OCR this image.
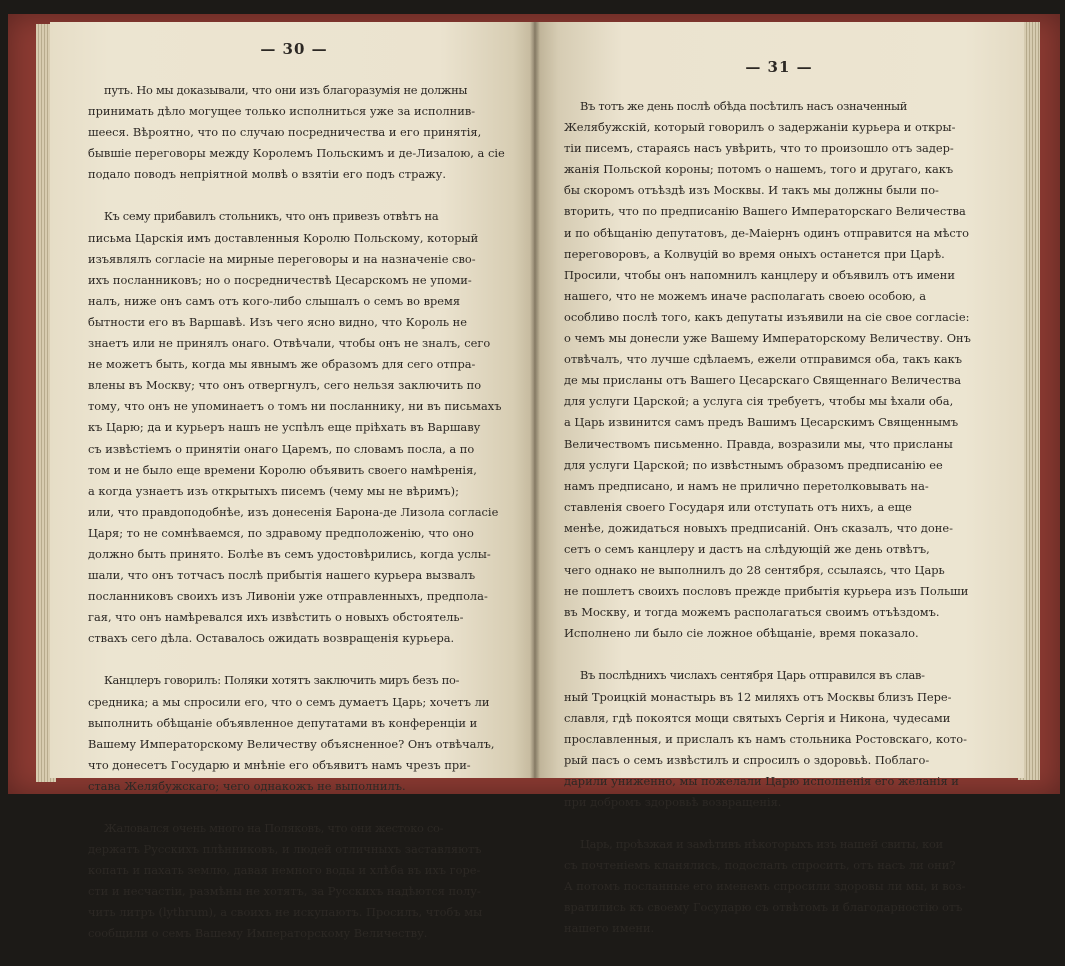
— 30 —
путь. Но мы доказывали, что они изъ благоразумія не должны
принимать дѣло могущее только исполниться уже за исполнив-
шееся. Вѣроятно, что по случаю посредничества и его принятія,
бывшіе переговоры между Королемъ Польскимъ и де-Лизалою, а сіе
подало поводъ непріятной молвѣ о взятіи его подъ стражу.
Къ сему прибавилъ стольникъ, что онъ привезъ отвѣтъ на
письма Царскія имъ доставленныя Королю Польскому, который
изъявлялъ согласіе на мирные переговоры и на назначеніе сво-
ихъ посланниковъ; но о посредничествѣ Цесарскомъ не упоми-
налъ, ниже онъ самъ отъ кого-либо слышалъ о семъ во время
бытности его въ Варшавѣ. Изъ чего ясно видно, что Король не
знаетъ или не принялъ онаго. Отвѣчали, чтобы онъ не зналъ, сего
не можетъ быть, когда мы явнымъ же образомъ для сего отпра-
влены въ Москву; что онъ отвергнулъ, сего нельзя заключить по
тому, что онъ не упоминаетъ о томъ ни посланнику, ни въ письмахъ
къ Царю; да и курьеръ нашъ не успѣлъ еще пріѣхать въ Варшаву
съ извѣстіемъ о принятіи онаго Царемъ, по словамъ посла, а по
том и не было еще времени Королю объявить своего намѣренія,
а когда узнаетъ изъ открытыхъ писемъ (чему мы не вѣримъ);
или, что правдоподобнѣе, изъ донесенія Барона-де Лизола согласіе
Царя; то не сомнѣваемся, по здравому предположенію, что оно
должно быть принято. Болѣе въ семъ удостовѣрились, когда услы-
шали, что онъ тотчасъ послѣ прибытія нашего курьера вызвалъ
посланниковъ своихъ изъ Ливоніи уже отправленныхъ, предпола-
гая, что онъ намѣревался ихъ извѣстить о новыхъ обстоятель-
ствахъ сего дѣла. Оставалось ожидать возвращенія курьера.
Канцлеръ говорилъ: Поляки хотятъ заключить миръ безъ по-
средника; а мы спросили его, что о семъ думаетъ Царь; хочетъ ли
выполнить обѣщаніе объявленное депутатами въ конференціи и
Вашему Императорскому Величеству объясненное? Онъ отвѣчалъ,
что донесетъ Государю и мнѣніе его объявитъ намъ чрезъ при-
става Желябужскаго; чего однакожъ не выполнилъ.
Жаловался очень много на Поляковъ, что они жестоко со-
держатъ Русскихъ плѣнниковъ, и людей отличныхъ заставляютъ
копать и пахать землю, давая немного воды и хлѣба въ ихъ горе-
сти и несчастіи, размѣны не хотятъ, за Русскихъ надѣются полу-
чить литръ (lythrum), а своихъ не искупаютъ. Просилъ, чтобъ мы
сообщили о семъ Вашему Императорскому Величеству.
— 31 —
Въ тотъ же день послѣ обѣда посѣтилъ насъ означенный
Желябужскій, который говорилъ о задержаніи курьера и откры-
тіи писемъ, стараясь насъ увѣрить, что то произошло отъ задер-
жанія Польской короны; потомъ о нашемъ, того и другаго, какъ
бы скоромъ отъѣздѣ изъ Москвы. И такъ мы должны были по-
вторить, что по предписанію Вашего Императорскаго Величества
и по обѣщанію депутатовъ, де-Маіернъ одинъ отправится на мѣсто
переговоровъ, а Колвуцій во время оныхъ останется при Царѣ.
Просили, чтобы онъ напомнилъ канцлеру и объявилъ отъ имени
нашего, что не можемъ иначе располагать своею особою, а
особливо послѣ того, какъ депутаты изъявили на сіе свое согласіе:
о чемъ мы донесли уже Вашему Императорскому Величеству. Онъ
отвѣчалъ, что лучше сдѣлаемъ, ежели отправимся оба, такъ какъ
де мы присланы отъ Вашего Цесарскаго Священнаго Величества
для услуги Царской; а услуга сія требуетъ, чтобы мы ѣхали оба,
а Царь извинится самъ предъ Вашимъ Цесарскимъ Священнымъ
Величествомъ письменно. Правда, возразили мы, что присланы
для услуги Царской; по извѣстнымъ образомъ предписанію ее
намъ предписано, и намъ не прилично перетолковывать на-
ставленія своего Государя или отступать отъ нихъ, а еще
менѣе, дожидаться новыхъ предписаній. Онъ сказалъ, что доне-
сетъ о семъ канцлеру и дастъ на слѣдующій же день отвѣтъ,
чего однако не выполнилъ до 28 сентября, ссылаясь, что Царь
не пошлетъ своихъ пословъ прежде прибытія курьера изъ Польши
въ Москву, и тогда можемъ располагаться своимъ отъѣздомъ.
Исполнено ли было сіе ложное обѣщаніе, время показало.
Въ послѣднихъ числахъ сентября Царь отправился въ слав-
ный Троицкій монастырь въ 12 миляхъ отъ Москвы близъ Пере-
славля, гдѣ покоятся мощи святыхъ Сергія и Никона, чудесами
прославленныя, и прислалъ къ намъ стольника Ростовскаго, кото-
рый пасъ о семъ извѣстилъ и спросилъ о здоровьѣ. Поблаго-
дарили униженно, мы пожелали Царю исполненія его желанія и
при добромъ здоровьѣ возвращенія.
Царь, проѣзжая и замѣтивъ нѣкоторыхъ изъ нашей свиты, кои
съ почтеніемъ кланялись, подослалъ спросить, отъ насъ ли они?
А потомъ посланные его именемъ спросили здоровы ли мы, и воз-
вратились къ своему Государю съ отвѣтомъ и благодарностію отъ
нашего имени.
